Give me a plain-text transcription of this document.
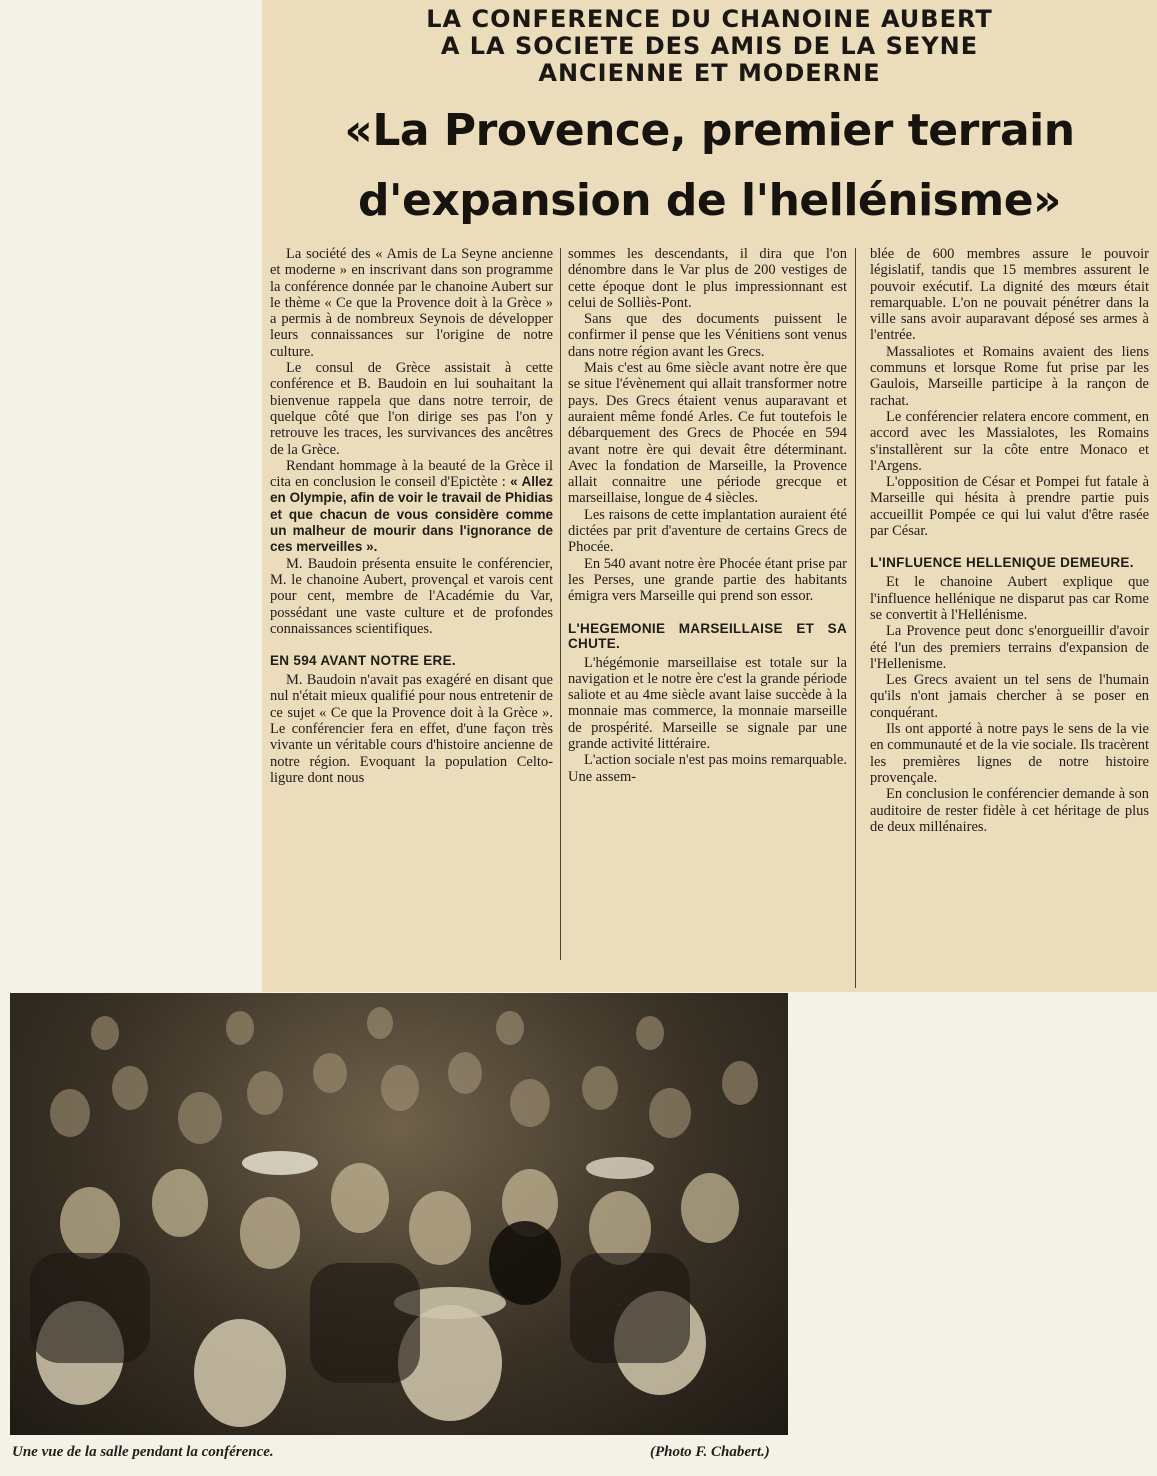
LA CONFERENCE DU CHANOINE AUBERT
A LA SOCIETE DES AMIS DE LA SEYNE
ANCIENNE ET MODERNE
«La Provence, premier terrain
d'expansion de l'hellénisme»

La société des « Amis de La Seyne ancienne et moderne » en inscrivant dans son programme la conférence donnée par le chanoine Aubert sur le thème « Ce que la Provence doit à la Grèce » a permis à de nombreux Seynois de développer leurs connaissances sur l'origine de notre culture.

Le consul de Grèce assistait à cette conférence et B. Baudoin en lui souhaitant la bienvenue rappela que dans notre terroir, de quelque côté que l'on dirige ses pas l'on y retrouve les traces, les survivances des ancêtres de la Grèce.

Rendant hommage à la beauté de la Grèce il cita en conclusion le conseil d'Epictète : « Allez en Olympie, afin de voir le travail de Phidias et que chacun de vous considère comme un malheur de mourir dans l'ignorance de ces merveilles ».

M. Baudoin présenta ensuite le conférencier, M. le chanoine Aubert, provençal et varois cent pour cent, membre de l'Académie du Var, possédant une vaste culture et de profondes connaissances scientifiques.

EN 594 AVANT NOTRE ERE.

M. Baudoin n'avait pas exagéré en disant que nul n'était mieux qualifié pour nous entretenir de ce sujet « Ce que la Provence doit à la Grèce ». Le conférencier fera en effet, d'une façon très vivante un véritable cours d'histoire ancienne de notre région. Evoquant la population Celto-ligure dont nous

sommes les descendants, il dira que l'on dénombre dans le Var plus de 200 vestiges de cette époque dont le plus impressionnant est celui de Solliès-Pont.

Sans que des documents puissent le confirmer il pense que les Vénitiens sont venus dans notre région avant les Grecs.

Mais c'est au 6me siècle avant notre ère que se situe l'évènement qui allait transformer notre pays. Des Grecs étaient venus auparavant et auraient même fondé Arles. Ce fut toutefois le débarquement des Grecs de Phocée en 594 avant notre ère qui devait être déterminant. Avec la fondation de Marseille, la Provence allait connaitre une période grecque et marseillaise, longue de 4 siècles.

Les raisons de cette implantation auraient été dictées par prit d'aventure de certains Grecs de Phocée.

En 540 avant notre ère Phocée étant prise par les Perses, une grande partie des habitants émigra vers Marseille qui prend son essor.

L'HEGEMONIE MARSEILLAISE ET SA CHUTE.

L'hégémonie marseillaise est totale sur la navigation et le notre ère c'est la grande période saliote et au 4me siècle avant laise succède à la monnaie mas commerce, la monnaie marseille de prospérité. Marseille se signale par une grande activité littéraire.

L'action sociale n'est pas moins remarquable. Une assem-

blée de 600 membres assure le pouvoir législatif, tandis que 15 membres assurent le pouvoir exécutif. La dignité des mœurs était remarquable. L'on ne pouvait pénétrer dans la ville sans avoir auparavant déposé ses armes à l'entrée.

Massaliotes et Romains avaient des liens communs et lorsque Rome fut prise par les Gaulois, Marseille participe à la rançon de rachat.

Le conférencier relatera encore comment, en accord avec les Massialotes, les Romains s'installèrent sur la côte entre Monaco et l'Argens.

L'opposition de César et Pompei fut fatale à Marseille qui hésita à prendre partie puis accueillit Pompée ce qui lui valut d'être rasée par César.

L'INFLUENCE HELLENIQUE DEMEURE.

Et le chanoine Aubert explique que l'influence hellénique ne disparut pas car Rome se convertit à l'Hellénisme.

La Provence peut donc s'enorgueillir d'avoir été l'un des premiers terrains d'expansion de l'Hellenisme.

Les Grecs avaient un tel sens de l'humain qu'ils n'ont jamais chercher à se poser en conquérant.

Ils ont apporté à notre pays le sens de la vie en communauté et de la vie sociale. Ils tracèrent les premières lignes de notre histoire provençale.

En conclusion le conférencier demande à son auditoire de rester fidèle à cet héritage de plus de deux millénaires.

Une vue de la salle pendant la conférence.	(Photo F. Chabert.)
